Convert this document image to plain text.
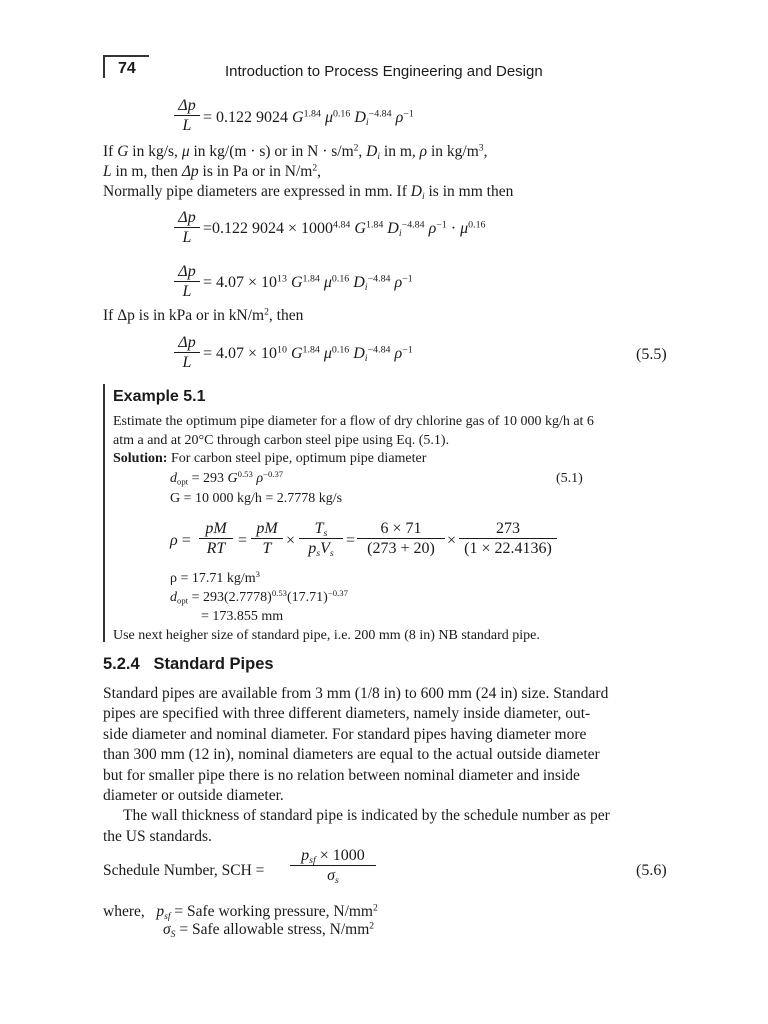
74	Introduction to Process Engineering and Design
Δp
L = 0.122 9024 $G^{1.84}$ $\mu^{0.16}$ $D_i^{-4.84}$ $\rho^{-1}$
If G in kg/s, μ in kg/(m · s) or in $N \cdot s/m^2$, $D_i$ in m, ρ in $kg/m^3$,
L in m, then Δp is in Pa or in $N/m^2$,
Normally pipe diameters are expressed in mm. If $D_i$ is in mm then
Δp
L
=0.122 $9024 \times 1000^{4.84}$ $G^{1.84}$ $D_i^{-4.84}$ $\rho^{-1} \cdot \mu^{0.16}$
Δp
L
= $4.07 \times 10^{13}$ $G^{1.84}$ $\mu^{0.16}$ $D_i^{-4.84}$ $\rho^{-1}$
If Δp is in kPa or in $kN/m^2$, then
Δp
L
= $4.07 \times 10^{10}$ $G^{1.84}$ $\mu^{0.16}$ $D_i^{-4.84}$ $\rho^{-1}$	(5.5)
Example 5.1
Estimate the optimum pipe diameter for a flow of dry chlorine gas of 10 000 kg/h at 6
atm a and at 20°C through carbon steel pipe using Eq. (5.1).
Solution: For carbon steel pipe, optimum pipe diameter
$d_{opt} = 293$ $G^{0.53}$ $\rho^{-0.37}$	(5.1)
G = 10 000 kg/h = 2.7778 kg/s
ρ =
pM
RT =
pM
T ×
$T_s$
$p_sV_s$
=
6 × 71
(273 + 20) ×
273
(1 × 22.4136)
ρ = 17.71 $kg/m^3$
$d_{opt} = 293(2.7778)^{0.53}(17.71)^{-0.37}$
= 173.855 mm
Use next heigher size of standard pipe, i.e. 200 mm (8 in) NB standard pipe.
5.2.4   Standard Pipes
Standard pipes are available from 3 mm (1/8 in) to 600 mm (24 in) size. Standard
pipes are specified with three different diameters, namely inside diameter, out-
side diameter and nominal diameter. For standard pipes having diameter more
than 300 mm (12 in), nominal diameters are equal to the actual outside diameter
but for smaller pipe there is no relation between nominal diameter and inside
diameter or outside diameter.
The wall thickness of standard pipe is indicated by the schedule number as per
the US standards.
Schedule Number, SCH =
$p_{sf} \times 1000$
$\sigma_s$
(5.6)
where, $p_{sf}$ = Safe working pressure, $N/mm^2$
$\sigma_S$ = Safe allowable stress, $N/mm^2$
